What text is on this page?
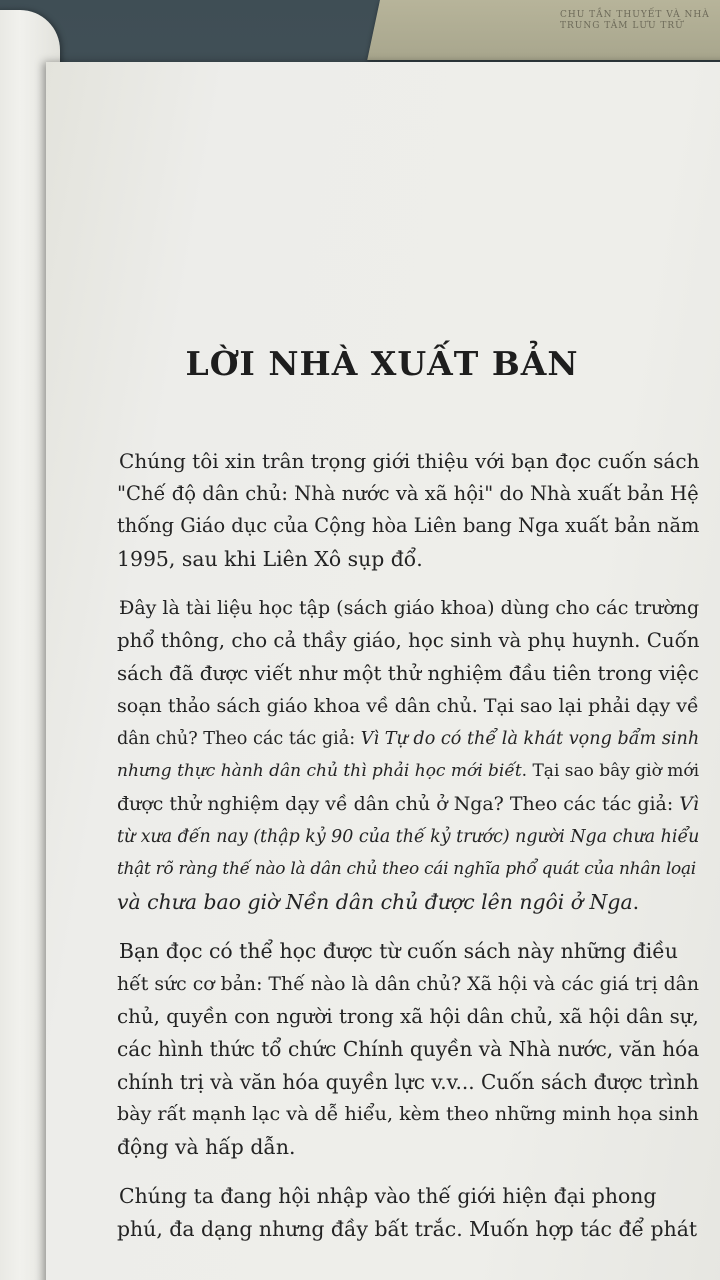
CHU TẦN THUYẾT VÀ NHÀ
TRUNG TÂM LƯU TRỮ
LỜI NHÀ XUẤT BẢN

Chúng tôi xin trân trọng giới thiệu với bạn đọc cuốn sách
"Chế độ dân chủ: Nhà nước và xã hội" do Nhà xuất bản Hệ
thống Giáo dục của Cộng hòa Liên bang Nga xuất bản năm
1995, sau khi Liên Xô sụp đổ.

Đây là tài liệu học tập (sách giáo khoa) dùng cho các trường
phổ thông, cho cả thầy giáo, học sinh và phụ huynh. Cuốn
sách đã được viết như một thử nghiệm đầu tiên trong việc
soạn thảo sách giáo khoa về dân chủ. Tại sao lại phải dạy về
dân chủ? Theo các tác giả: Vì Tự do có thể là khát vọng bẩm sinh
nhưng thực hành dân chủ thì phải học mới biết. Tại sao bây giờ mới
được thử nghiệm dạy về dân chủ ở Nga? Theo các tác giả: Vì
từ xưa đến nay (thập kỷ 90 của thế kỷ trước) người Nga chưa hiểu
thật rõ ràng thế nào là dân chủ theo cái nghĩa phổ quát của nhân loại
và chưa bao giờ Nền dân chủ được lên ngôi ở Nga.

Bạn đọc có thể học được từ cuốn sách này những điều
hết sức cơ bản: Thế nào là dân chủ? Xã hội và các giá trị dân
chủ, quyền con người trong xã hội dân chủ, xã hội dân sự,
các hình thức tổ chức Chính quyền và Nhà nước, văn hóa
chính trị và văn hóa quyền lực v.v... Cuốn sách được trình
bày rất mạnh lạc và dễ hiểu, kèm theo những minh họa sinh
động và hấp dẫn.

Chúng ta đang hội nhập vào thế giới hiện đại phong
phú, đa dạng nhưng đầy bất trắc. Muốn hợp tác để phát
